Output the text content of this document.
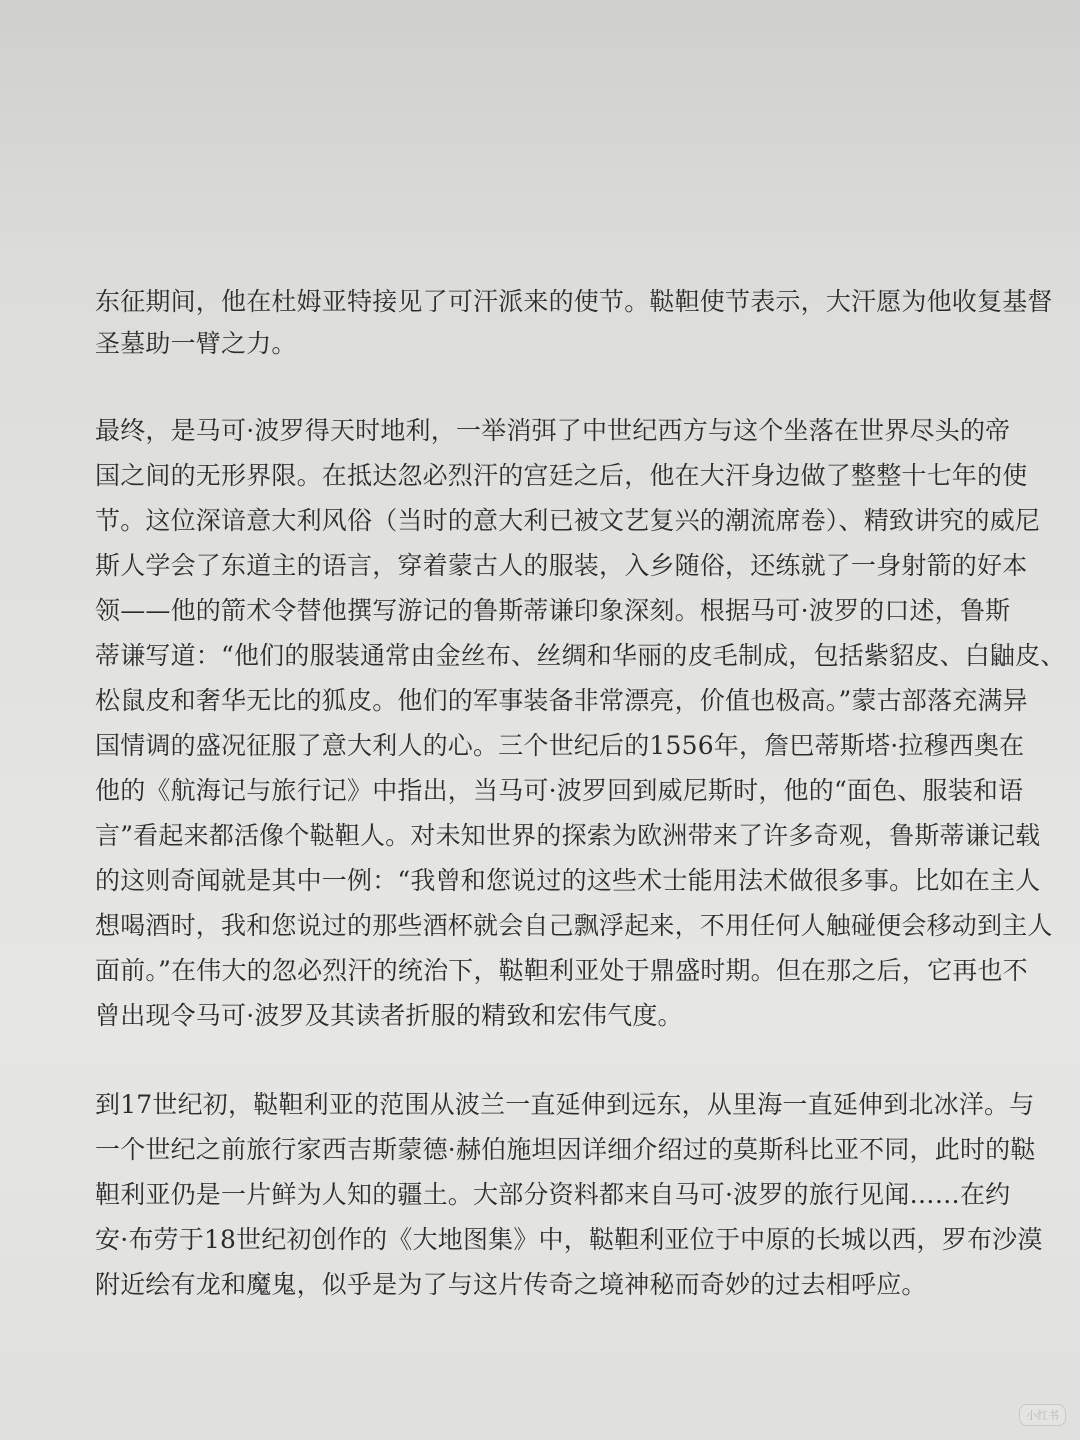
东征期间，他在杜姆亚特接见了可汗派来的使节。鞑靼使节表示，大汗愿为他收复基督
圣墓助一臂之力。
最终，是马可·波罗得天时地利，一举消弭了中世纪西方与这个坐落在世界尽头的帝
国之间的无形界限。在抵达忽必烈汗的宫廷之后，他在大汗身边做了整整十七年的使
节。这位深谙意大利风俗（当时的意大利已被文艺复兴的潮流席卷）、精致讲究的威尼
斯人学会了东道主的语言，穿着蒙古人的服装，入乡随俗，还练就了一身射箭的好本
领——他的箭术令替他撰写游记的鲁斯蒂谦印象深刻。根据马可·波罗的口述，鲁斯
蒂谦写道：“他们的服装通常由金丝布、丝绸和华丽的皮毛制成，包括紫貂皮、白鼬皮、
松鼠皮和奢华无比的狐皮。他们的军事装备非常漂亮，价值也极高。”蒙古部落充满异
国情调的盛况征服了意大利人的心。三个世纪后的1556年，詹巴蒂斯塔·拉穆西奥在
他的《航海记与旅行记》中指出，当马可·波罗回到威尼斯时，他的“面色、服装和语
言”看起来都活像个鞑靼人。对未知世界的探索为欧洲带来了许多奇观，鲁斯蒂谦记载
的这则奇闻就是其中一例：“我曾和您说过的这些术士能用法术做很多事。比如在主人
想喝酒时，我和您说过的那些酒杯就会自己飘浮起来，不用任何人触碰便会移动到主人
面前。”在伟大的忽必烈汗的统治下，鞑靼利亚处于鼎盛时期。但在那之后，它再也不
曾出现令马可·波罗及其读者折服的精致和宏伟气度。
到17世纪初，鞑靼利亚的范围从波兰一直延伸到远东，从里海一直延伸到北冰洋。与
一个世纪之前旅行家西吉斯蒙德·赫伯施坦因详细介绍过的莫斯科比亚不同，此时的鞑
靼利亚仍是一片鲜为人知的疆土。大部分资料都来自马可·波罗的旅行见闻……在约
安·布劳于18世纪初创作的《大地图集》中，鞑靼利亚位于中原的长城以西，罗布沙漠
附近绘有龙和魔鬼，似乎是为了与这片传奇之境神秘而奇妙的过去相呼应。
小红书
